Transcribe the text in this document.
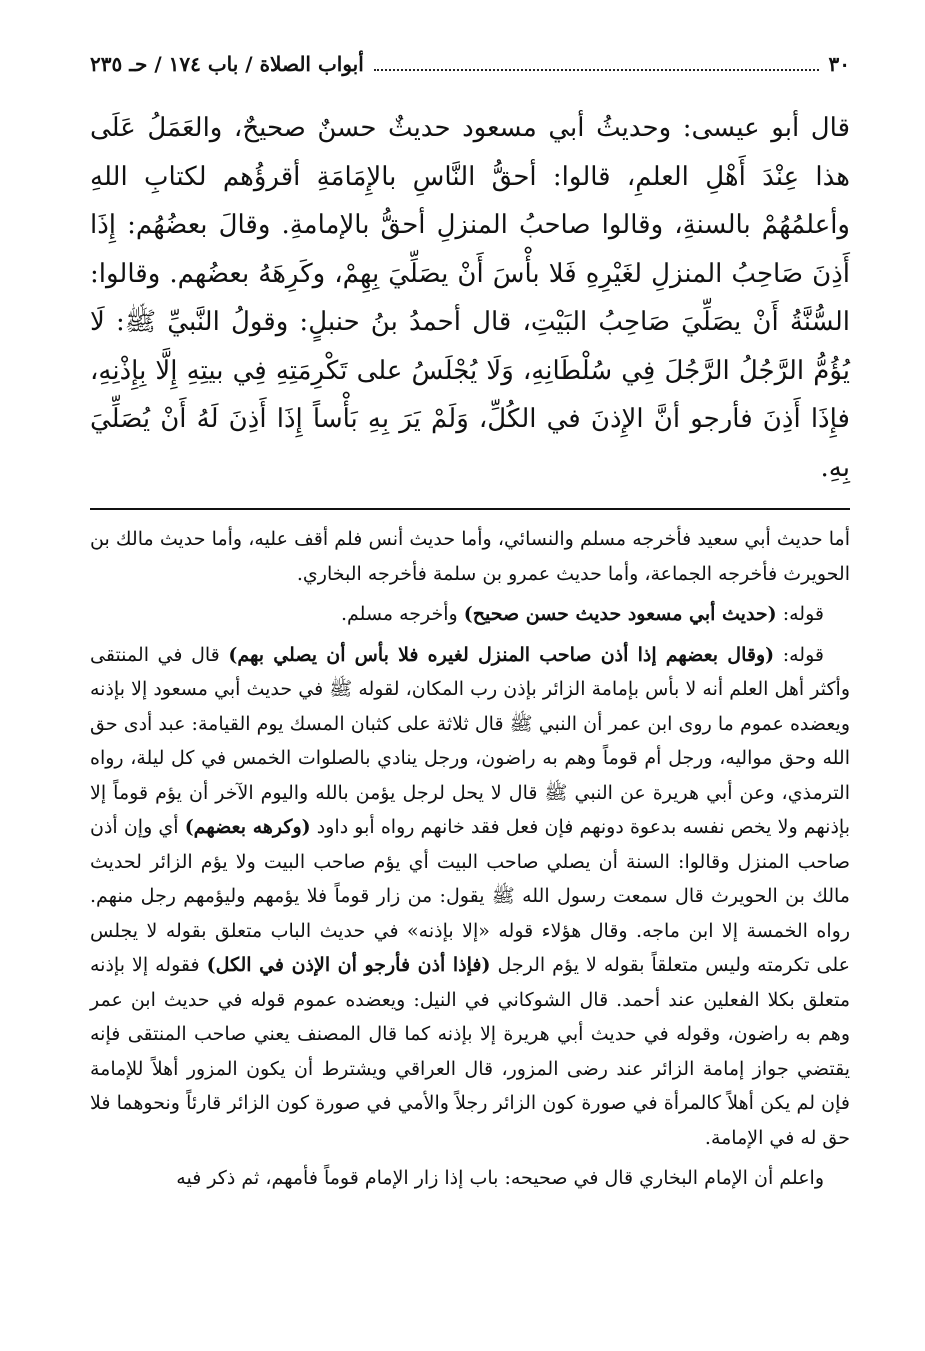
٣٠
أبواب الصلاة / باب ١٧٤ / حـ ٢٣٥

قال أبو عيسى: وحديثُ أبي مسعود حديثٌ حسنٌ صحيحٌ، والعَمَلُ عَلَى هذا عِنْدَ أَهْلِ العلمِ، قالوا: أحقُّ النَّاسِ بالإِمَامَةِ أقرؤُهم لكتابِ اللهِ وأعلمُهُمْ بالسنةِ، وقالوا صاحبُ المنزلِ أحقُّ بالإمامةِ. وقالَ بعضُهُم: إِذَا أَذِنَ صَاحِبُ المنزلِ لغَيْرِهِ فَلا بأْسَ أَنْ يصَلِّيَ بِهِمْ، وكَرِهَهُ بعضُهم. وقالوا: السُّنَّةُ أَنْ يصَلِّيَ صَاحِبُ البَيْتِ، قال أحمدُ بنُ حنبلٍ: وقولُ النَّبيِّ ﷺ: لَا يُؤُمُّ الرَّجُلُ الرَّجُلَ فِي سُلْطَانِهِ، وَلَا يُجْلَسُ على تَكْرِمَتِهِ فِي بيتِهِ إِلَّا بِإِذْنِهِ، فإِذَا أَذِنَ فأرجو أنَّ الإِذنَ في الكُلِّ، وَلَمْ يَرَ بِهِ بَأْساً إِذَا أَذِنَ لَهُ أَنْ يُصَلِّيَ بِهِ.

أما حديث أبي سعيد فأخرجه مسلم والنسائي، وأما حديث أنس فلم أقف عليه، وأما حديث مالك بن الحويرث فأخرجه الجماعة، وأما حديث عمرو بن سلمة فأخرجه البخاري.

قوله: (حديث أبي مسعود حديث حسن صحيح) وأخرجه مسلم.

قوله: (وقال بعضهم إذا أذن صاحب المنزل لغيره فلا بأس أن يصلي بهم) قال في المنتقى وأكثر أهل العلم أنه لا بأس بإمامة الزائر بإذن رب المكان، لقوله ﷺ في حديث أبي مسعود إلا بإذنه ويعضده عموم ما روى ابن عمر أن النبي ﷺ قال ثلاثة على كثبان المسك يوم القيامة: عبد أدى حق الله وحق مواليه، ورجل أم قوماً وهم به راضون، ورجل ينادي بالصلوات الخمس في كل ليلة، رواه الترمذي، وعن أبي هريرة عن النبي ﷺ قال لا يحل لرجل يؤمن بالله واليوم الآخر أن يؤم قوماً إلا بإذنهم ولا يخص نفسه بدعوة دونهم فإن فعل فقد خانهم رواه أبو داود (وكرهه بعضهم) أي وإن أذن صاحب المنزل وقالوا: السنة أن يصلي صاحب البيت أي يؤم صاحب البيت ولا يؤم الزائر لحديث مالك بن الحويرث قال سمعت رسول الله ﷺ يقول: من زار قوماً فلا يؤمهم وليؤمهم رجل منهم. رواه الخمسة إلا ابن ماجه. وقال هؤلاء قوله «إلا بإذنه» في حديث الباب متعلق بقوله لا يجلس على تكرمته وليس متعلقاً بقوله لا يؤم الرجل (فإذا أذن فأرجو أن الإذن في الكل) فقوله إلا بإذنه متعلق بكلا الفعلين عند أحمد. قال الشوكاني في النيل: ويعضده عموم قوله في حديث ابن عمر وهم به راضون، وقوله في حديث أبي هريرة إلا بإذنه كما قال المصنف يعني صاحب المنتقى فإنه يقتضي جواز إمامة الزائر عند رضى المزور، قال العراقي ويشترط أن يكون المزور أهلاً للإمامة فإن لم يكن أهلاً كالمرأة في صورة كون الزائر رجلاً والأمي في صورة كون الزائر قارئاً ونحوهما فلا حق له في الإمامة.

واعلم أن الإمام البخاري قال في صحيحه: باب إذا زار الإمام قوماً فأمهم، ثم ذكر فيه
